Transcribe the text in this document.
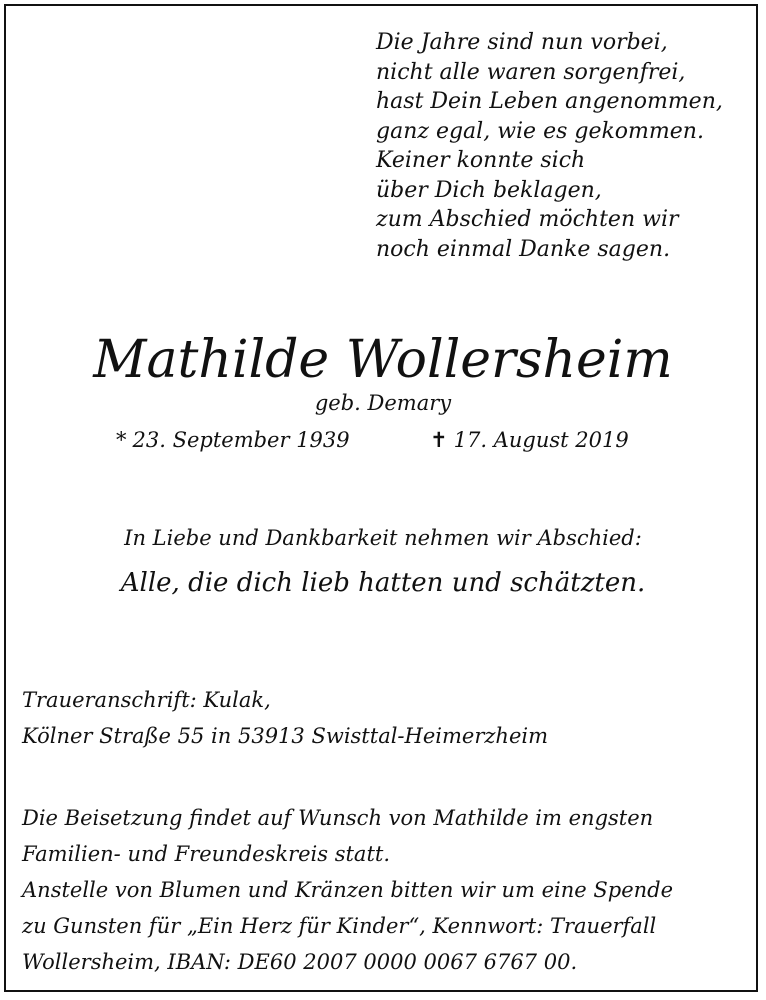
Die Jahre sind nun vorbei,
nicht alle waren sorgenfrei,
hast Dein Leben angenommen,
ganz egal, wie es gekommen.
Keiner konnte sich
über Dich beklagen,
zum Abschied möchten wir
noch einmal Danke sagen.
Mathilde Wollersheim
geb. Demary
* 23. September 1939	✝ 17. August 2019
In Liebe und Dankbarkeit nehmen wir Abschied:
Alle, die dich lieb hatten und schätzten.
Traueranschrift: Kulak,
Kölner Straße 55 in 53913 Swisttal-Heimerzheim
Die Beisetzung findet auf Wunsch von Mathilde im engsten
Familien- und Freundeskreis statt.
Anstelle von Blumen und Kränzen bitten wir um eine Spende
zu Gunsten für „Ein Herz für Kinder“, Kennwort: Trauerfall
Wollersheim, IBAN: DE60 2007 0000 0067 6767 00.
